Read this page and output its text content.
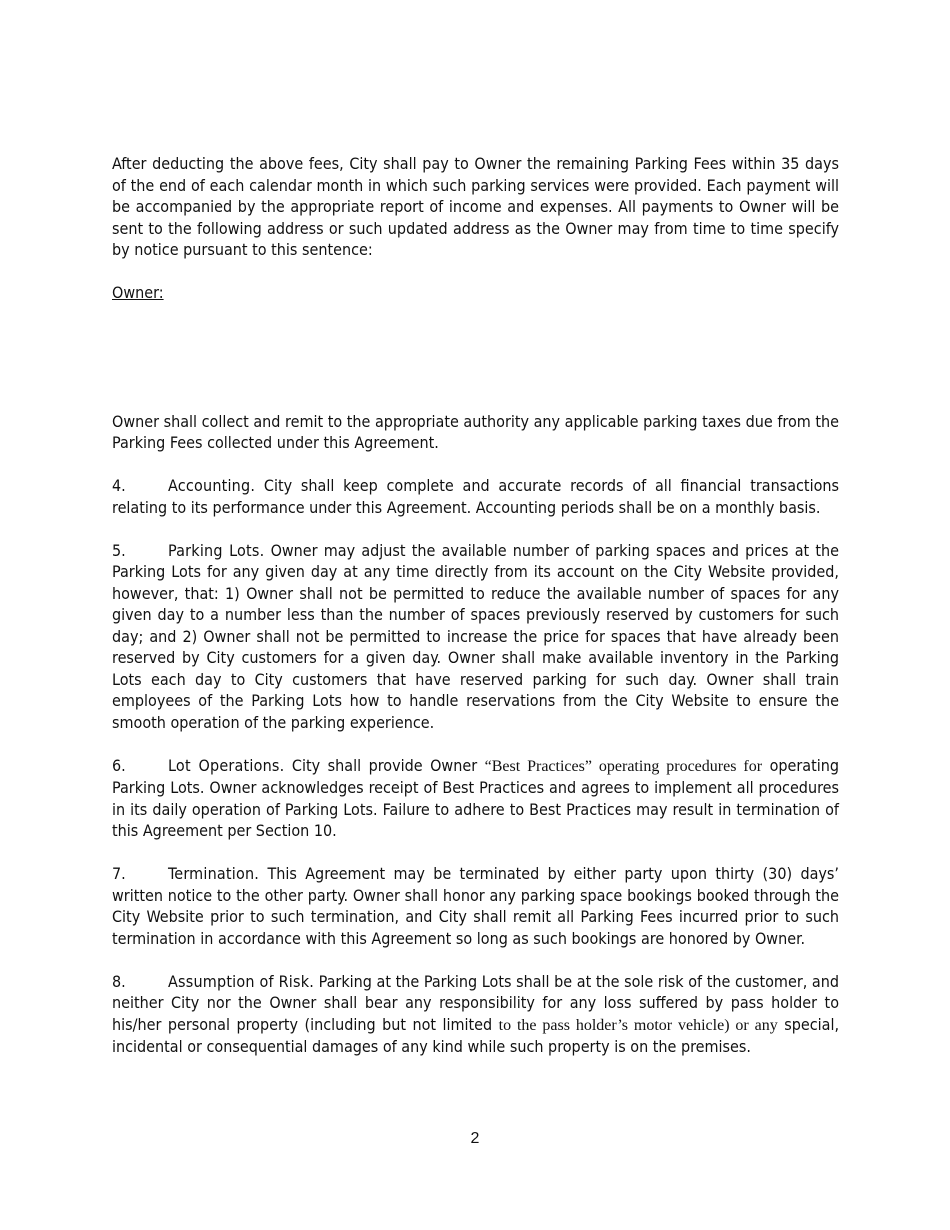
After deducting the above fees, City shall pay to Owner the remaining Parking Fees within 35 days of the end of each calendar month in which such parking services were provided. Each payment will be accompanied by the appropriate report of income and expenses. All payments to Owner will be sent to the following address or such updated address as the Owner may from time to time specify by notice pursuant to this sentence:

Owner:

Owner shall collect and remit to the appropriate authority any applicable parking taxes due from the Parking Fees collected under this Agreement.

4.	Accounting. City shall keep complete and accurate records of all financial transactions relating to its performance under this Agreement. Accounting periods shall be on a monthly basis.

5.	Parking Lots. Owner may adjust the available number of parking spaces and prices at the Parking Lots for any given day at any time directly from its account on the City Website provided, however, that: 1) Owner shall not be permitted to reduce the available number of spaces for any given day to a number less than the number of spaces previously reserved by customers for such day; and 2) Owner shall not be permitted to increase the price for spaces that have already been reserved by City customers for a given day. Owner shall make available inventory in the Parking Lots each day to City customers that have reserved parking for such day. Owner shall train employees of the Parking Lots how to handle reservations from the City Website to ensure the smooth operation of the parking experience.

6.	Lot Operations. City shall provide Owner “Best Practices” operating procedures for operating Parking Lots. Owner acknowledges receipt of Best Practices and agrees to implement all procedures in its daily operation of Parking Lots. Failure to adhere to Best Practices may result in termination of this Agreement per Section 10.

7.	Termination. This Agreement may be terminated by either party upon thirty (30) days’ written notice to the other party. Owner shall honor any parking space bookings booked through the City Website prior to such termination, and City shall remit all Parking Fees incurred prior to such termination in accordance with this Agreement so long as such bookings are honored by Owner.

8.	Assumption of Risk. Parking at the Parking Lots shall be at the sole risk of the customer, and neither City nor the Owner shall bear any responsibility for any loss suffered by pass holder to his/her personal property (including but not limited to the pass holder’s motor vehicle) or any special, incidental or consequential damages of any kind while such property is on the premises.

2
